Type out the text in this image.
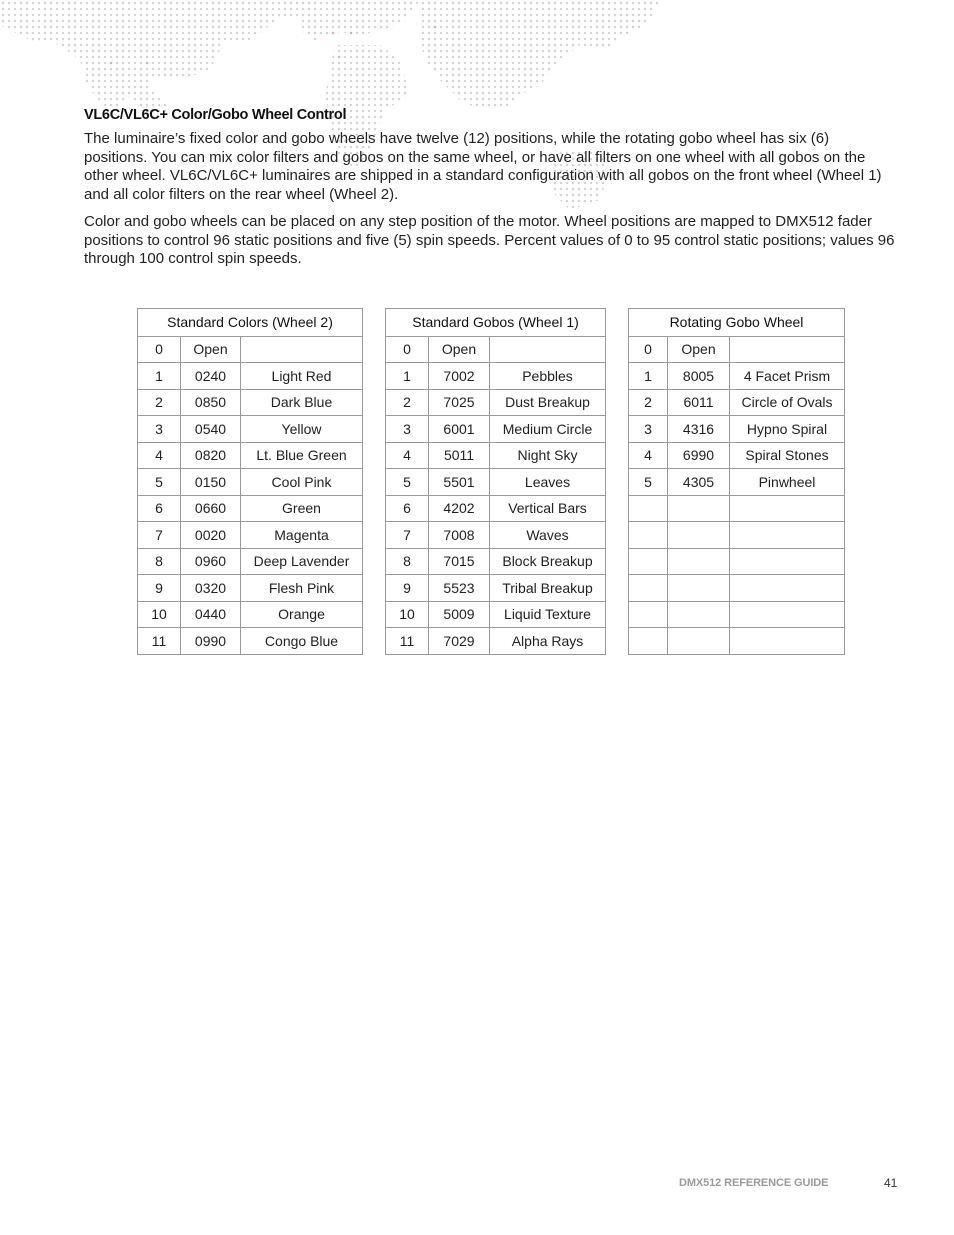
VL6C/VL6C+ Color/Gobo Wheel Control

The luminaire’s fixed color and gobo wheels have twelve (12) positions, while the rotating gobo wheel has six (6) positions. You can mix color filters and gobos on the same wheel, or have all filters on one wheel with all gobos on the other wheel. VL6C/VL6C+ luminaires are shipped in a standard configuration with all gobos on the front wheel (Wheel 1) and all color filters on the rear wheel (Wheel 2).

Color and gobo wheels can be placed on any step position of the motor. Wheel positions are mapped to DMX512 fader positions to control 96 static positions and five (5) spin speeds. Percent values of 0 to 95 control static positions; values 96 through 100 control spin speeds.

Standard Colors (Wheel 2)		
0	Open	
1	0240	Light Red
2	0850	Dark Blue
3	0540	Yellow
4	0820	Lt. Blue Green
5	0150	Cool Pink
6	0660	Green
7	0020	Magenta
8	0960	Deep Lavender
9	0320	Flesh Pink
10	0440	Orange
11	0990	Congo Blue
Standard Gobos (Wheel 1)		
0	Open	
1	7002	Pebbles
2	7025	Dust Breakup
3	6001	Medium Circle
4	5011	Night Sky
5	5501	Leaves
6	4202	Vertical Bars
7	7008	Waves
8	7015	Block Breakup
9	5523	Tribal Breakup
10	5009	Liquid Texture
11	7029	Alpha Rays
Rotating Gobo Wheel		
0	Open	
1	8005	4 Facet Prism
2	6011	Circle of Ovals
3	4316	Hypno Spiral
4	6990	Spiral Stones
5	4305	Pinwheel

DMX512 REFERENCE GUIDE	41
